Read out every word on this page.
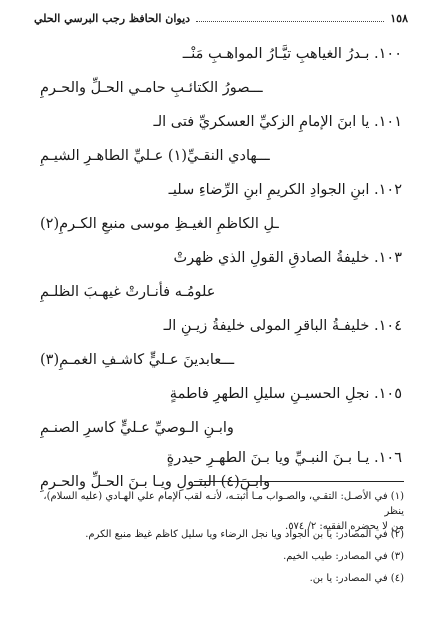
١٥٨
ديوان الحافظ رجب البرسي الحلي
١٠٠. بـدرُ الغياهبِ تيَّـارُ المواهـبِ مَنْــ
ـــصورُ الكتائـبِ حامـي الحـلِّ والحـرمِ
١٠١. يا ابنَ الإمامِ الزكيِّ العسكريِّ فتى الـ
ـــهادي النقـيِّ(١) عـليِّ الطاهـرِ الشيـمِ
١٠٢. ابنِ الجوادِ الكريمِ ابنِ الرِّضاءِ سليـ
ـلِ الكاظمِ الغيـظِ موسى منبعِ الكـرمِ(٢)
١٠٣. خليفةُ الصادقِ القولِ الذي ظهرتْ
علومُـه فأنـارتْ غيهـبَ الظلـمِ
١٠٤. خليفـةُ الباقرِ المولى خليفةُ زيـنِ الـ
ـــعابدينَ عـليٍّ كاشـفِ الغمـمِ(٣)
١٠٥. نجلِ الحسيـنِ سليلِ الطهرِ فاطمةٍ
وابـنِ الـوصيِّ عـليٍّ كاسرِ الصنـمِ
١٠٦. يـا بـنَ النبـيِّ ويا بـنَ الطهـرِ حيدرةٍ
وابـنَ(٤) البتـولِ ويـا بـنَ الحـلِّ والحـرمِ
(١) في الأصـل: التقـي، والصـواب مـا أثبتـه، لأنـه لقب الإمام علي الهـادي (عليه السلام)، ينظر
من لا يحضره الفقيه: ٢/ ٥٧٤.
(٢) في المصادر: يا بن الجواد ويا نجل الرضاء ويا سليل كاظم غيظ منبع الكرم.
(٣) في المصادر: طيب الخيم.
(٤) في المصادر: يا بن.
